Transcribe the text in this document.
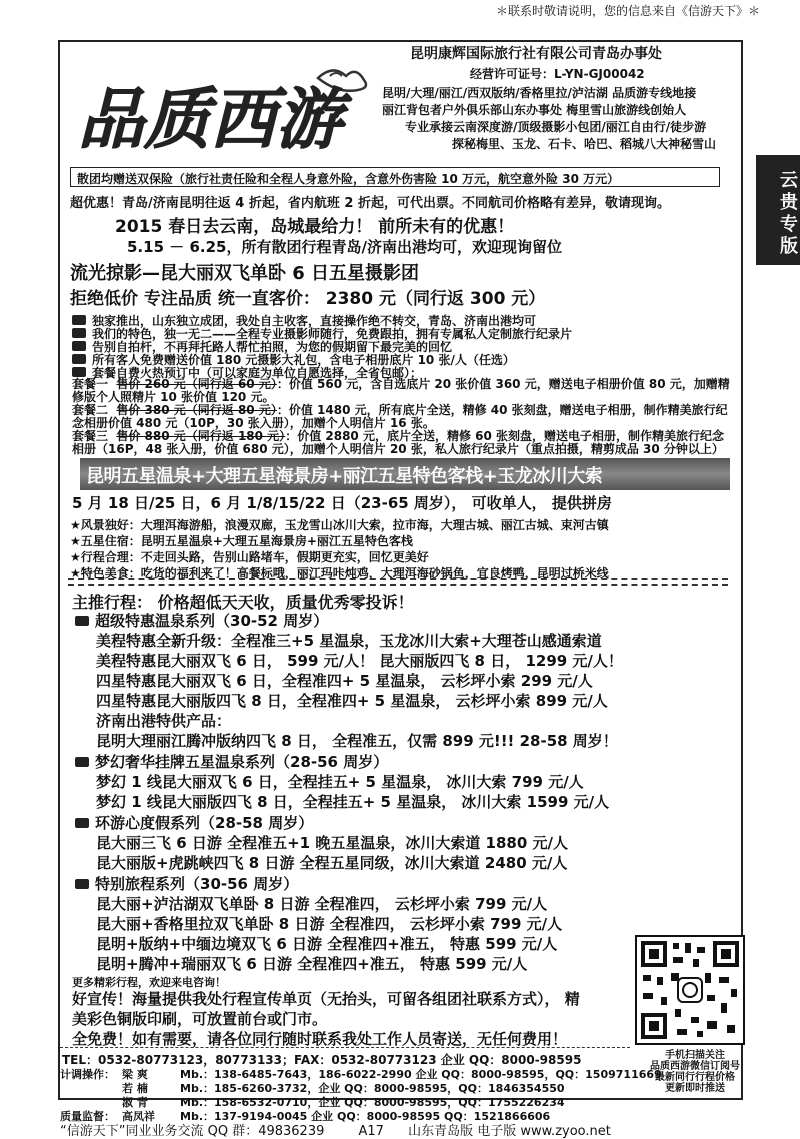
＊联系时敬请说明，您的信息来自《信游天下》＊
品质西游
昆明康辉国际旅行社有限公司青岛办事处
经营许可证号：L-YN-GJ00042
昆明/大理/丽江/西双版纳/香格里拉/泸沽湖 品质游专线地接
丽江背包者户外俱乐部山东办事处 梅里雪山旅游线创始人
专业承接云南深度游/顶级摄影小包团/丽江自由行/徒步游
探秘梅里、玉龙、石卡、哈巴、稻城八大神秘雪山
云贵专版
散团均赠送双保险（旅行社责任险和全程人身意外险，含意外伤害险 10 万元，航空意外险 30 万元）
超优惠！青岛/济南昆明往返 4 折起，省内航班 2 折起，可代出票。不同航司价格略有差异，敬请现询。
2015 春日去云南，岛城最给力！ 前所未有的优惠！
5.15 － 6.25，所有散团行程青岛/济南出港均可，欢迎现询留位
流光掠影—昆大丽双飞单卧 6 日五星摄影团
拒绝低价 专注品质 统一直客价： 2380 元（同行返 300 元）
独家推出，山东独立成团，我处自主收客，直接操作绝不转交，青岛、济南出港均可
我们的特色，独一无二——全程专业摄影师随行，免费跟拍，拥有专属私人定制旅行纪录片
告别自拍杆，不再拜托路人帮忙拍照，为您的假期留下最完美的回忆
所有客人免费赠送价值 180 元摄影大礼包，含电子相册底片 10 张/人（任选）
套餐自费火热预订中（可以家庭为单位自愿选择，全省包邮）：
套餐一 售价 260 元（同行返 60 元）：价值 560 元，含自选底片 20 张价值 360 元，赠送电子相册价值 80 元，加赠精修版个人照精片 10 张价值 120 元。
套餐二 售价 380 元（同行返 80 元）：价值 1480 元，所有底片全送，精修 40 张刻盘，赠送电子相册，制作精美旅行纪念相册价值 480 元（10P，30 张入册），加赠个人明信片 16 张。
套餐三 售价 880 元（同行返 180 元）：价值 2880 元，底片全送，精修 60 张刻盘，赠送电子相册，制作精美旅行纪念相册（16P，48 张入册，价值 680 元），加赠个人明信片 20 张，私人旅行纪录片（重点拍摄，精剪成品 30 分钟以上）
昆明五星温泉+大理五星海景房+丽江五星特色客栈+玉龙冰川大索
5 月 18 日/25 日，6 月 1/8/15/22 日（23-65 周岁）， 可收单人， 提供拼房
★风景独好：大理洱海游船，浪漫双廊，玉龙雪山冰川大索，拉市海，大理古城、丽江古城、束河古镇
★五星住宿：昆明五星温泉+大理五星海景房+丽江五星特色客栈
★行程合理：不走回头路，告别山路堵车，假期更充实，回忆更美好
★特色美食：吃货的福利来了！高餐标哦，丽江玛咔炖鸡，大理洱海砂锅鱼，宜良烤鸭，昆明过桥米线
主推行程： 价格超低天天收，质量优秀零投诉！
超级特惠温泉系列（30-52 周岁）
美程特惠全新升级：全程准三+5 星温泉，玉龙冰川大索+大理苍山感通索道
美程特惠昆大丽双飞 6 日， 599 元/人！ 昆大丽版四飞 8 日， 1299 元/人！
四星特惠昆大丽双飞 6 日，全程准四+ 5 星温泉， 云杉坪小索 299 元/人
四星特惠昆大丽版四飞 8 日，全程准四+ 5 星温泉， 云杉坪小索 899 元/人
济南出港特供产品：
昆明大理丽江腾冲版纳四飞 8 日， 全程准五，仅需 899 元!!! 28-58 周岁！
梦幻奢华挂牌五星温泉系列（28-56 周岁）
梦幻 1 线昆大丽双飞 6 日，全程挂五+ 5 星温泉， 冰川大索 799 元/人
梦幻 1 线昆大丽版四飞 8 日，全程挂五+ 5 星温泉， 冰川大索 1599 元/人
环游心度假系列（28-58 周岁）
昆大丽三飞 6 日游 全程准五+1 晚五星温泉，冰川大索道 1880 元/人
昆大丽版+虎跳峡四飞 8 日游 全程五星同级，冰川大索道 2480 元/人
特别旅程系列（30-56 周岁）
昆大丽+泸沽湖双飞单卧 8 日游 全程准四， 云杉坪小索 799 元/人
昆大丽+香格里拉双飞单卧 8 日游 全程准四， 云杉坪小索 799 元/人
昆明+版纳+中缅边境双飞 6 日游 全程准四+准五， 特惠 599 元/人
昆明+腾冲+瑞丽双飞 6 日游 全程准四+准五， 特惠 599 元/人
更多精彩行程，欢迎来电咨询！
好宣传！海量提供我处行程宣传单页（无抬头，可留各组团社联系方式）， 精
美彩色铜版印刷，可放置前台或门市。
全免费！如有需要，请各位同行随时联系我处工作人员寄送，无任何费用！
手机扫描关注
品质西游微信订阅号
最新同行行程价格
更新即时推送
TEL：0532-80773123，80773133；FAX：0532-80773123 企业 QQ：8000-98595
计调操作： 梁 爽	Mb.：138-6485-7643，186-6022-2990 企业 QQ：8000-98595，QQ：1509711669
若 楠	Mb.：185-6260-3732，企业 QQ：8000-98595，QQ：1846354550
“信游天下”同业业务交流 QQ 群：49836239	A17 山东青岛版 电子版 www.zyoo.net
淑 青	Mb.：158-6532-0710，企业 QQ：8000-98595，QQ：1755226234
质量监督： 高凤祥 Mb.：137-9194-0045 企业 QQ：8000-98595 QQ：1521866606
